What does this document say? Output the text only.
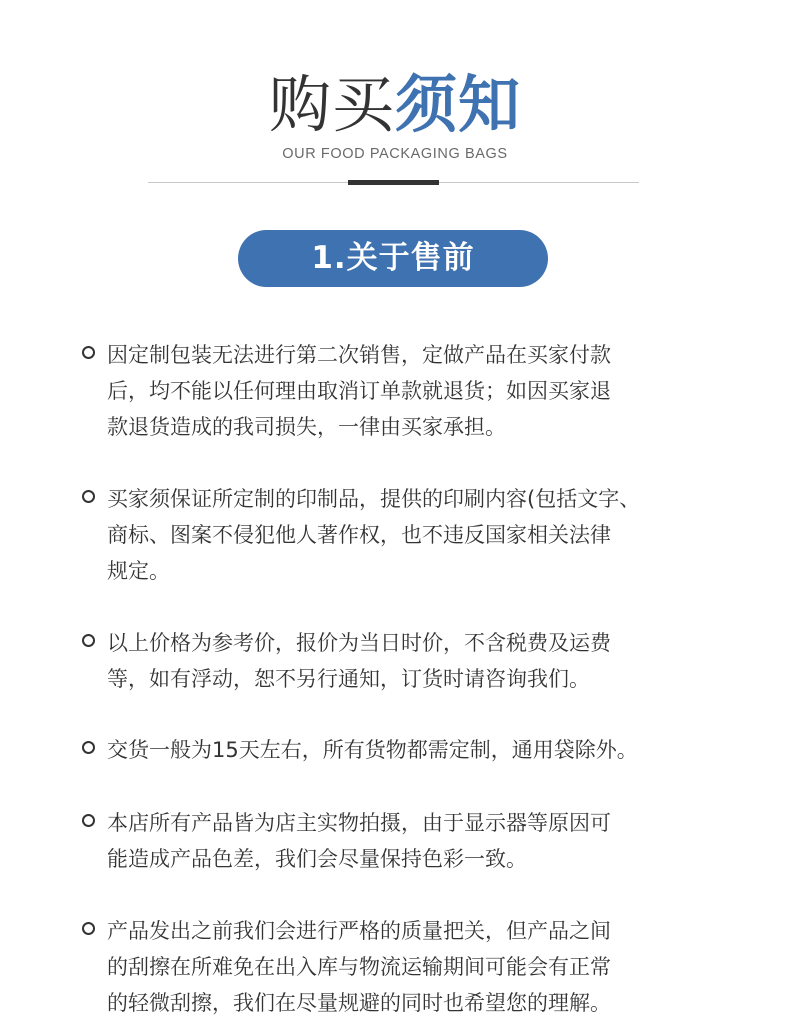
购买须知
OUR FOOD PACKAGING BAGS
1.关于售前
因定制包装无法进行第二次销售，定做产品在买家付款
后，均不能以任何理由取消订单款就退货；如因买家退
款退货造成的我司损失，一律由买家承担。
买家须保证所定制的印制品，提供的印刷内容(包括文字、
商标、图案不侵犯他人著作权，也不违反国家相关法律
规定。
以上价格为参考价，报价为当日时价，不含税费及运费
等，如有浮动，恕不另行通知，订货时请咨询我们。
交货一般为15天左右，所有货物都需定制，通用袋除外。
本店所有产品皆为店主实物拍摄，由于显示器等原因可
能造成产品色差，我们会尽量保持色彩一致。
产品发出之前我们会进行严格的质量把关，但产品之间
的刮擦在所难免在出入库与物流运输期间可能会有正常
的轻微刮擦，我们在尽量规避的同时也希望您的理解。
